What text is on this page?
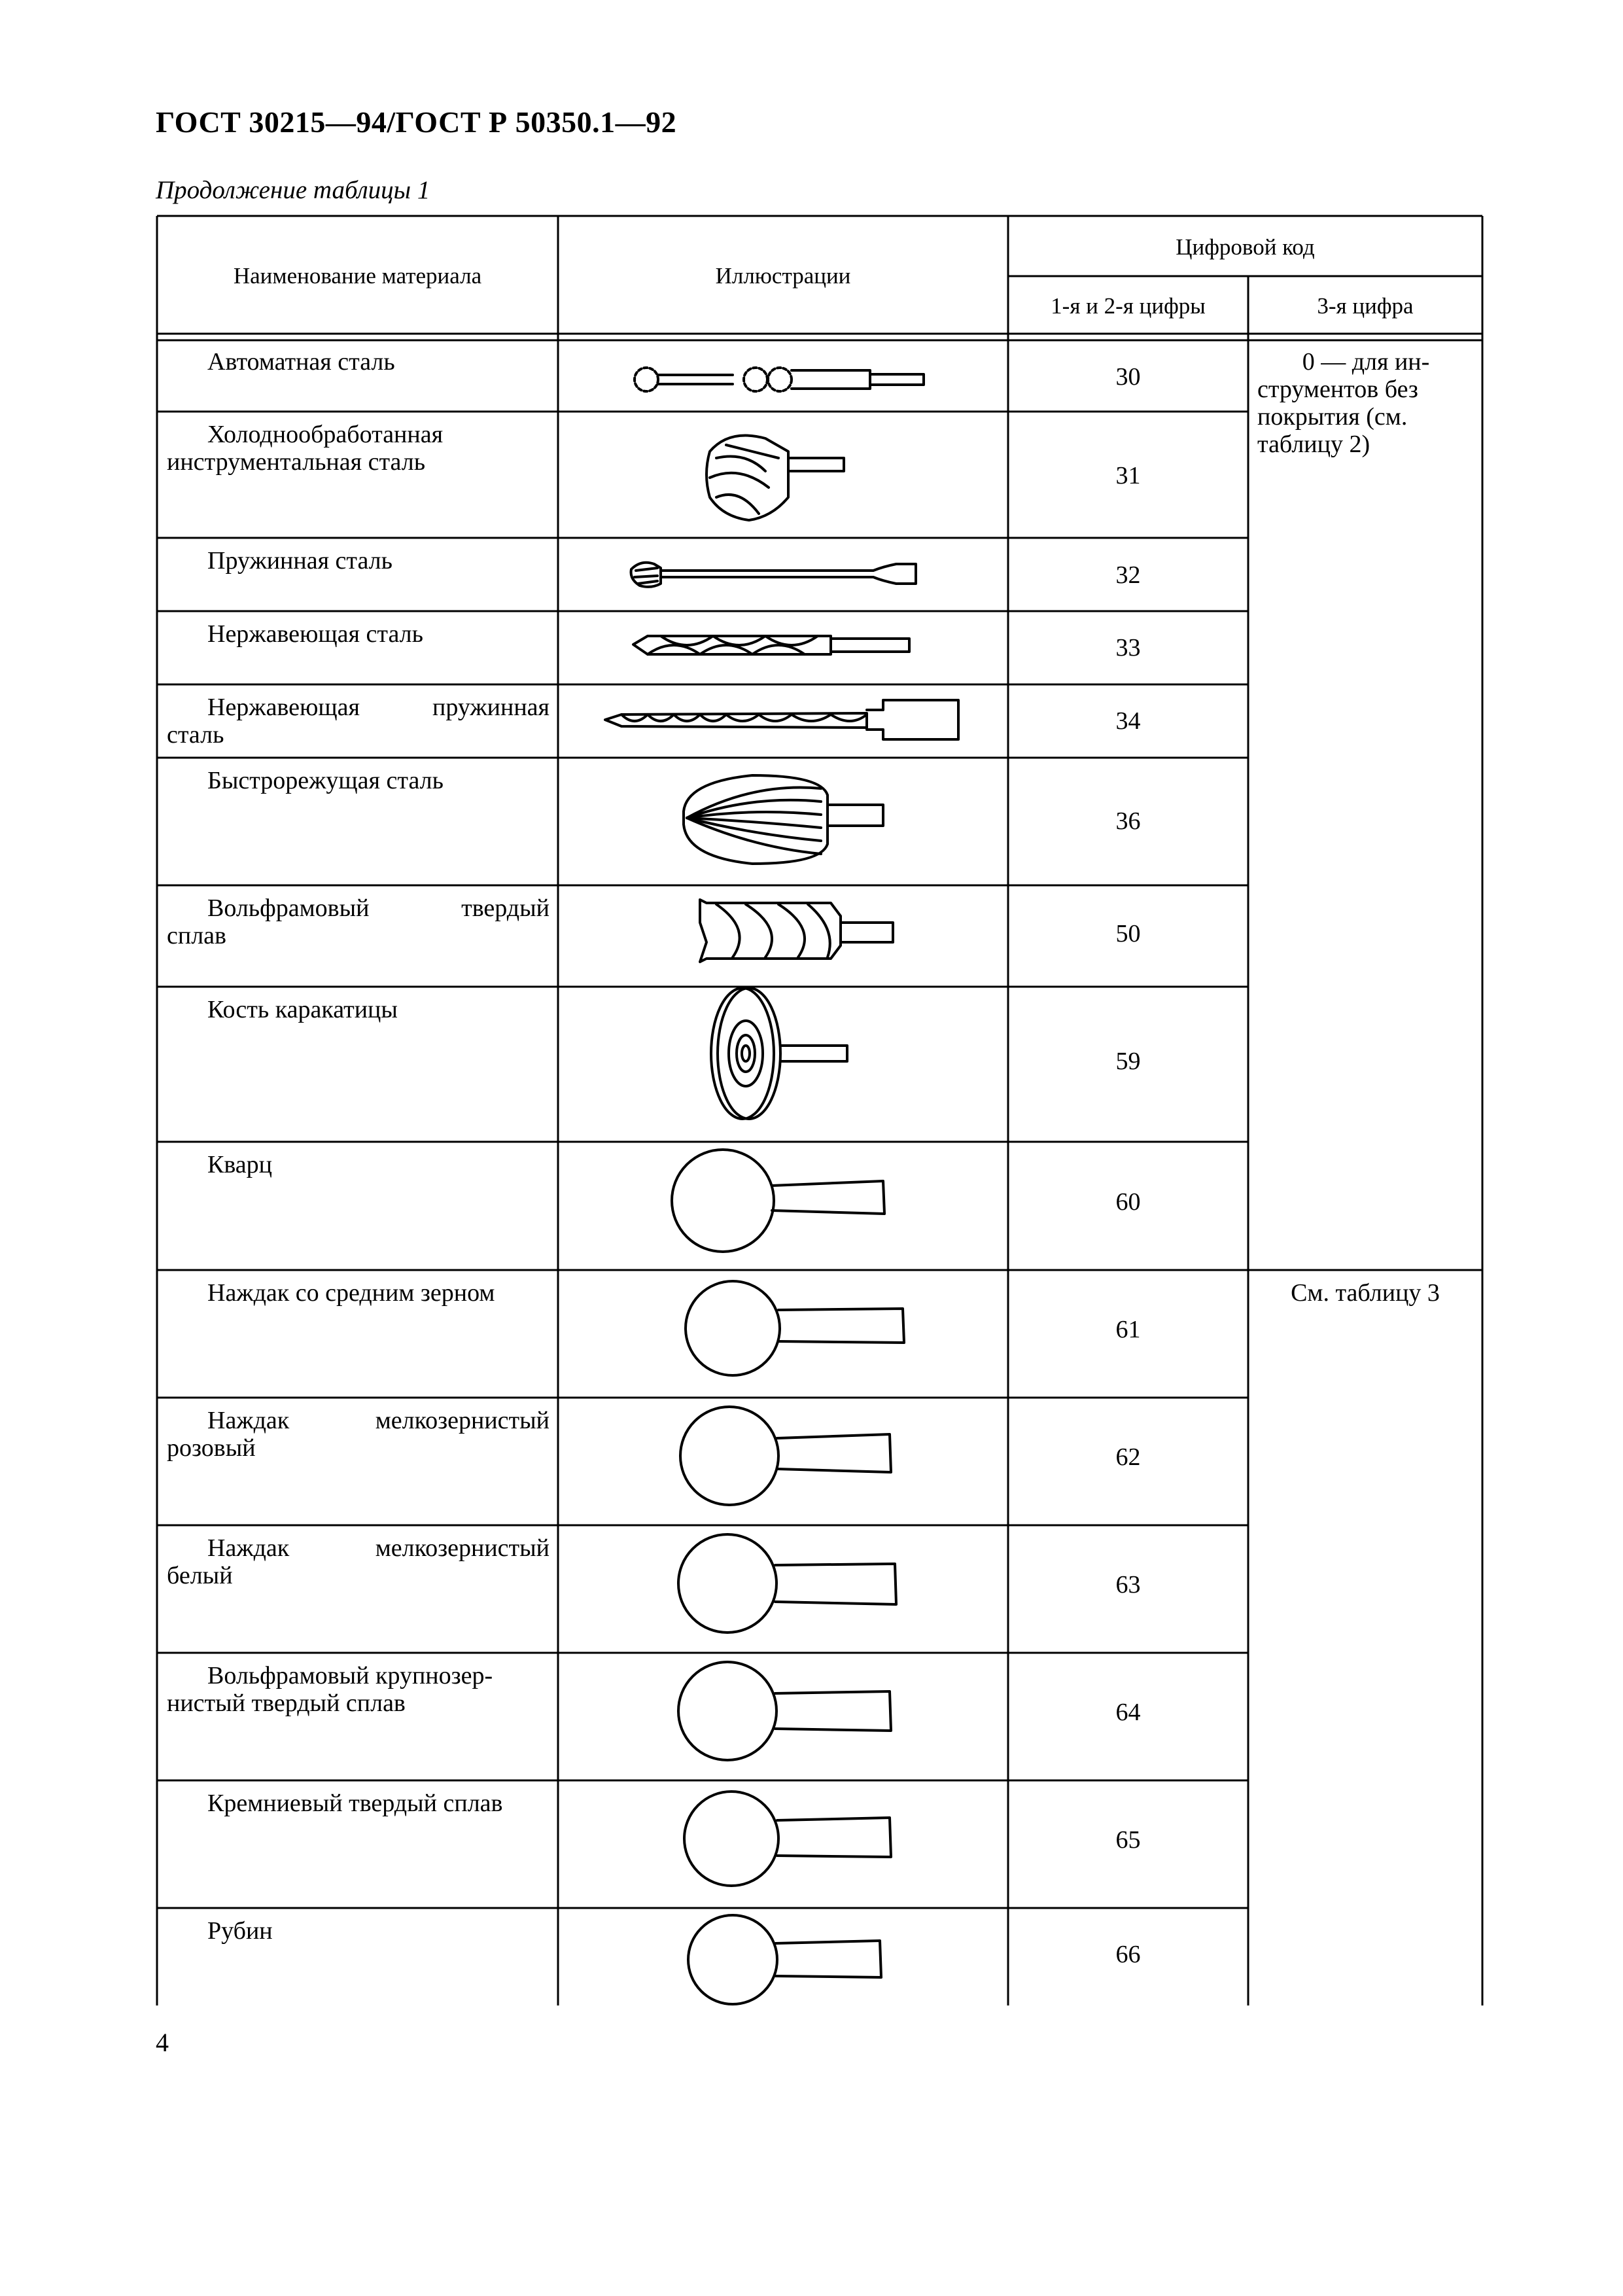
ГОСТ 30215—94/ГОСТ Р 50350.1—92
Продолжение таблицы 1
Наименование материала	Иллюстрации
Цифровой код
1-я и 2-я цифры	3-я цифра
0 — для ин-
струментов без
покрытия (см.
таблицу 2)
См. таблицу 3
Автоматная сталь
Холоднообработанная
инструментальная сталь
Пружинная сталь
Нержавеющая сталь
Нержавеющая пружинная
сталь
Быстрорежущая сталь
Вольфрамовый твердый
сплав
Кость каракатицы
Кварц
Наждак со средним зерном
Наждак мелкозернистый
розовый
Наждак мелкозернистый
белый
Вольфрамовый крупнозер-
нистый твердый сплав
Кремниевый твердый сплав
Рубин
30
31
32
33
34
36
50
59
60
61
62
63
64
65
66
4
